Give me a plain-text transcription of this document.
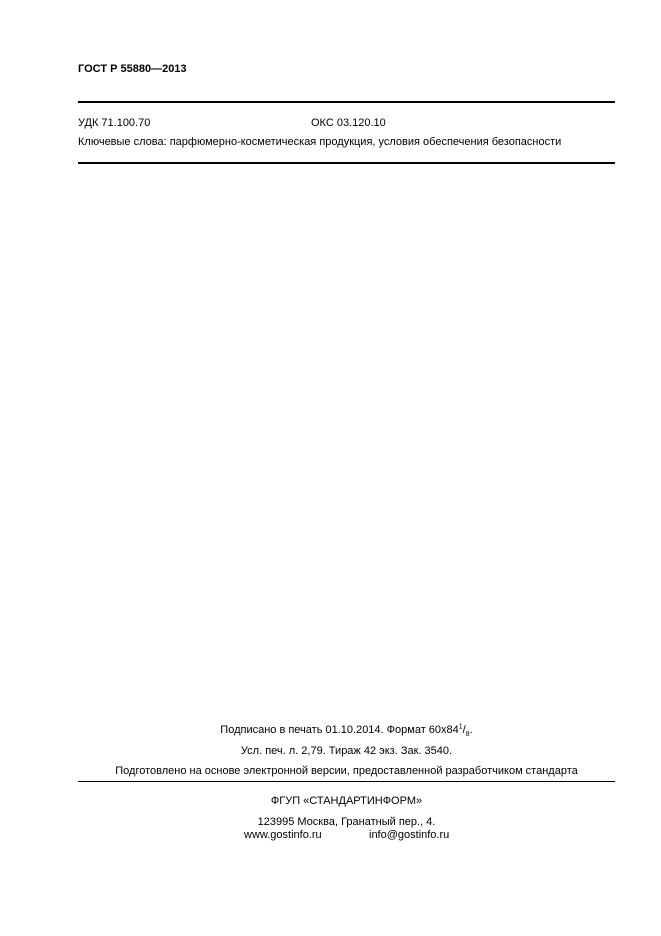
ГОСТ Р 55880—2013
УДК 71.100.70	ОКС 03.120.10
Ключевые слова: парфюмерно-косметическая продукция, условия обеспечения безопасности
Подписано в печать 01.10.2014. Формат $60х84^1/_8$.
Усл. печ. л. 2,79. Тираж 42 экз. Зак. 3540.
Подготовлено на основе электронной версии, предоставленной разработчиком стандарта
ФГУП «СТАНДАРТИНФОРМ»
123995 Москва, Гранатный пер., 4.
www.gostinfo.ru	info@gostinfo.ru
